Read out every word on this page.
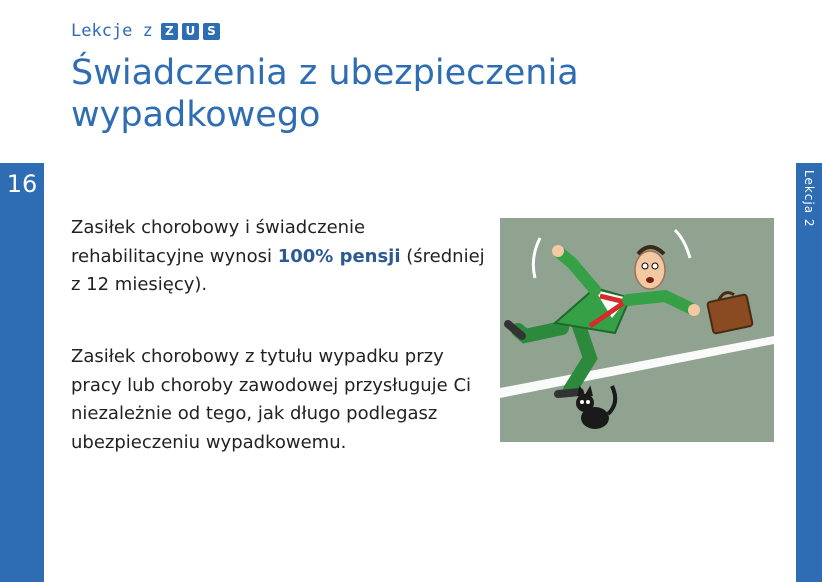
16	Lekcja 2
Lekcje z	Z U S
Świadczenia z ubezpieczenia wypadkowego
Zasiłek chorobowy i świadczenie rehabilitacyjne wynosi 100% pensji (średniej z 12 miesięcy).
Zasiłek chorobowy z tytułu wypadku przy pracy lub choroby zawodowej przysługuje Ci niezależnie od tego, jak długo podlegasz ubezpieczeniu wypadkowemu.
